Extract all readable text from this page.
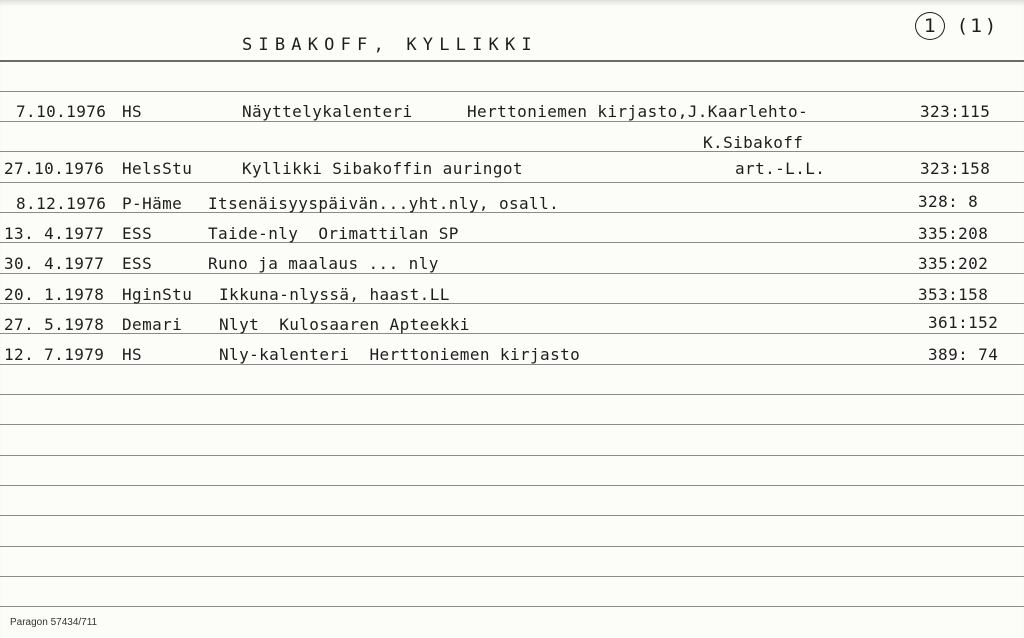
SIBAKOFF, KYLLIKKI
1 (1)
7.10.1976 HS	Näyttelykalenteri	Herttoniemen kirjasto,J.Kaarlehto-	323:115
K.Sibakoff
27.10.1976 HelsStu	Kyllikki Sibakoffin auringot	art.-L.L.	323:158
8.12.1976 P-Häme Itsenäisyyspäivän...yht.nly, osall.	328: 8
13. 4.1977 ESS	Taide-nly  Orimattilan SP	335:208
30. 4.1977 ESS	Runo ja maalaus ... nly	335:202
20. 1.1978 HginStu Ikkuna-nlyssä, haast.LL	353:158
27. 5.1978 Demari Nlyt  Kulosaaren Apteekki	361:152
12. 7.1979 HS	Nly-kalenteri  Herttoniemen kirjasto	389: 74
Paragon 57434/711
